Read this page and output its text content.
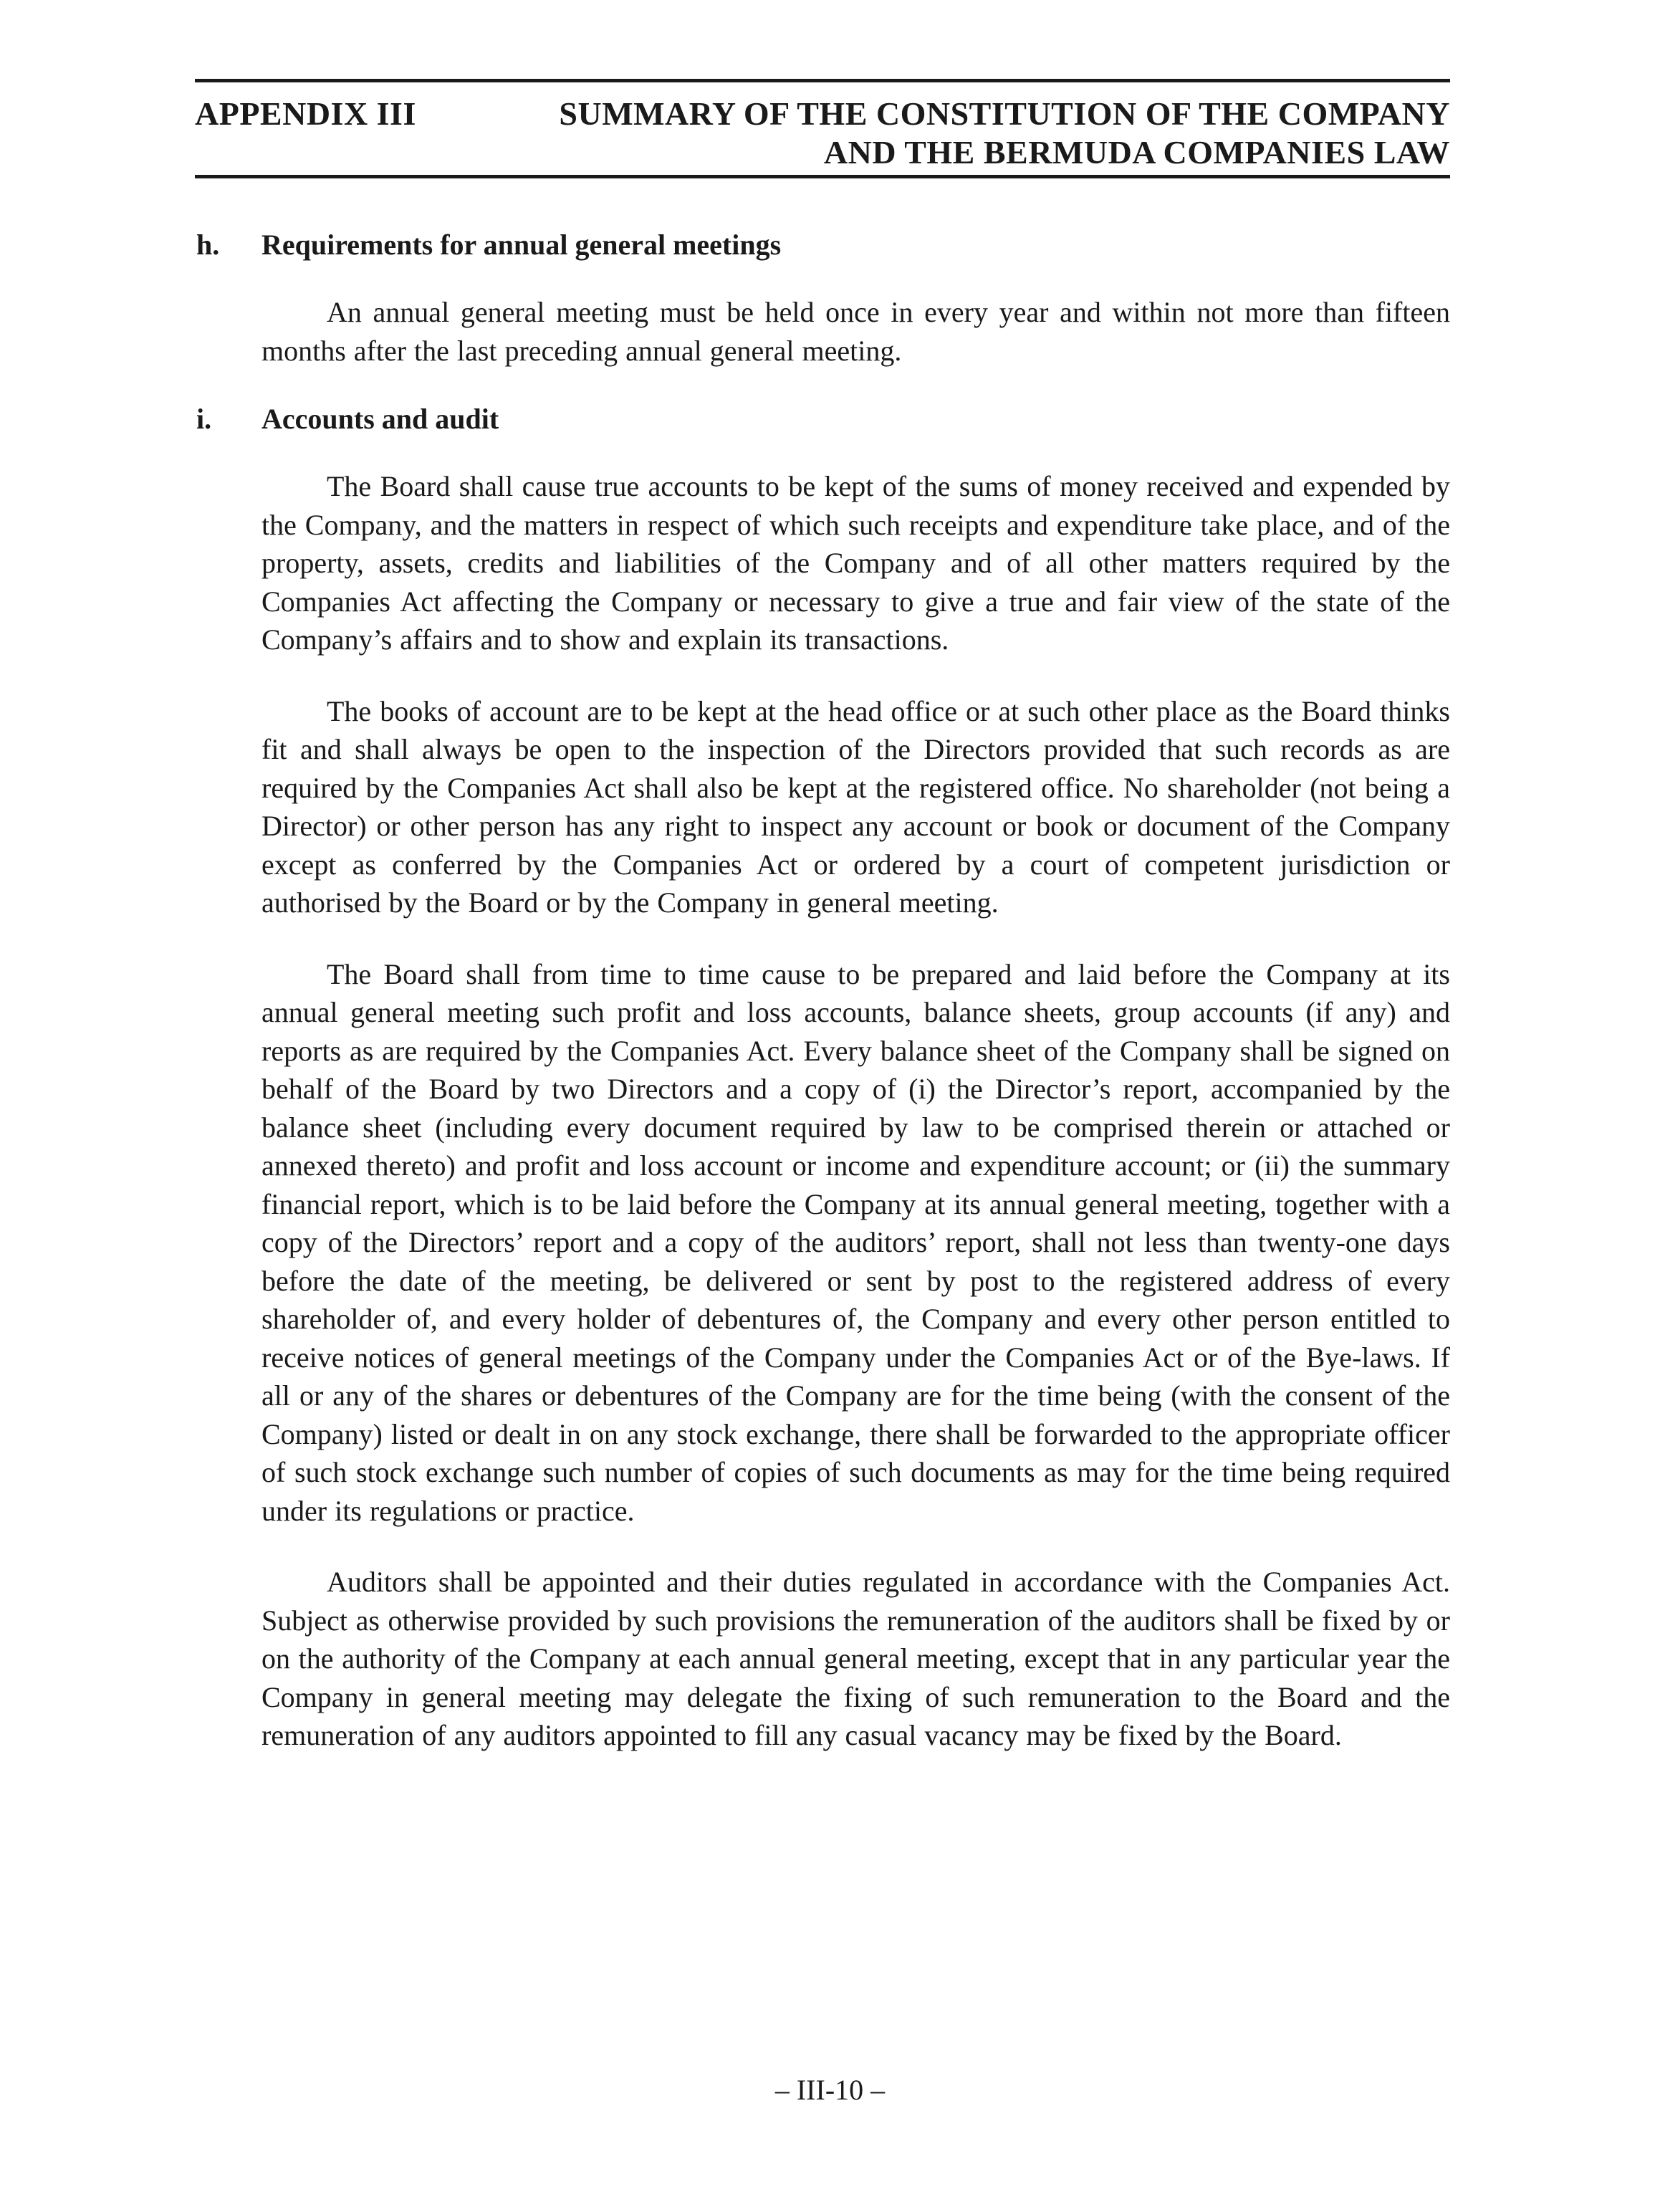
APPENDIX III	SUMMARY OF THE CONSTITUTION OF THE COMPANY
AND THE BERMUDA COMPANIES LAW
h. Requirements for annual general meetings

An annual general meeting must be held once in every year and within not more than fifteen months after the last preceding annual general meeting.

i. Accounts and audit

The Board shall cause true accounts to be kept of the sums of money received and expended by the Company, and the matters in respect of which such receipts and expenditure take place, and of the property, assets, credits and liabilities of the Company and of all other matters required by the Companies Act affecting the Company or necessary to give a true and fair view of the state of the Company’s affairs and to show and explain its transactions.

The books of account are to be kept at the head office or at such other place as the Board thinks fit and shall always be open to the inspection of the Directors provided that such records as are required by the Companies Act shall also be kept at the registered office. No shareholder (not being a Director) or other person has any right to inspect any account or book or document of the Company except as conferred by the Companies Act or ordered by a court of competent jurisdiction or authorised by the Board or by the Company in general meeting.

The Board shall from time to time cause to be prepared and laid before the Company at its annual general meeting such profit and loss accounts, balance sheets, group accounts (if any) and reports as are required by the Companies Act. Every balance sheet of the Company shall be signed on behalf of the Board by two Directors and a copy of (i) the Director’s report, accompanied by the balance sheet (including every document required by law to be comprised therein or attached or annexed thereto) and profit and loss account or income and expenditure account; or (ii) the summary financial report, which is to be laid before the Company at its annual general meeting, together with a copy of the Directors’ report and a copy of the auditors’ report, shall not less than twenty-one days before the date of the meeting, be delivered or sent by post to the registered address of every shareholder of, and every holder of debentures of, the Company and every other person entitled to receive notices of general meetings of the Company under the Companies Act or of the Bye-laws. If all or any of the shares or debentures of the Company are for the time being (with the consent of the Company) listed or dealt in on any stock exchange, there shall be forwarded to the appropriate officer of such stock exchange such number of copies of such documents as may for the time being required under its regulations or practice.

Auditors shall be appointed and their duties regulated in accordance with the Companies Act. Subject as otherwise provided by such provisions the remuneration of the auditors shall be fixed by or on the authority of the Company at each annual general meeting, except that in any particular year the Company in general meeting may delegate the fixing of such remuneration to the Board and the remuneration of any auditors appointed to fill any casual vacancy may be fixed by the Board.

– III-10 –
